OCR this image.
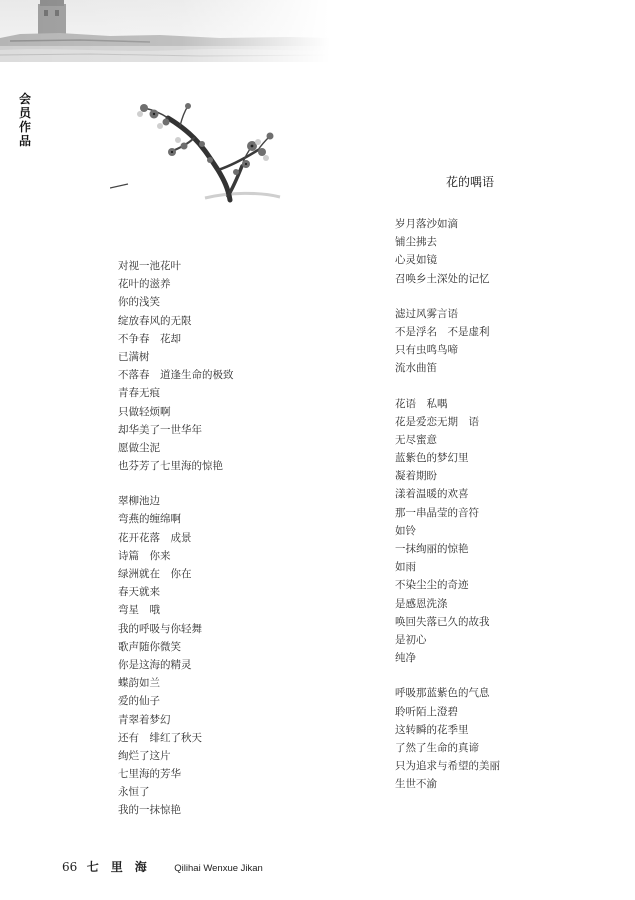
会员作品
花的喁语
对视一池花叶
花叶的滋养
你的浅笑
绽放春风的无限
不争春　花却
已满树
不落春　道逢生命的极致
青春无痕
只做轻烦啊
却华美了一世华年
愿做尘泥
也芬芳了七里海的惊艳
翠柳池边
弯燕的缠绵啊
花开花落　成景
诗篇　你来
绿洲就在　你在
春天就来
弯星　哦
我的呼吸与你轻舞
歌声随你微笑
你是这海的精灵
蝶韵如兰
爱的仙子
青翠着梦幻
还有　绯红了秋天
绚烂了这片
七里海的芳华
永恒了
我的一抹惊艳
岁月落沙如滴
铺尘拂去
心灵如镜
召唤乡土深处的记忆
滤过风雾言语
不是浮名　不是虚利
只有虫鸣鸟啼
流水曲笛
花语　私喁
花是爱恋无期　语
无尽蜜意
蓝紫色的梦幻里
凝着期盼
漾着温暖的欢喜
那一串晶莹的音符
如铃
一抹绚丽的惊艳
如雨
不染尘尘的奇迹
是感恩洗涤
唤回失落已久的故我
是初心
纯净
呼吸那蓝紫色的气息
聆听陌上澄碧
这转瞬的花季里
了然了生命的真谛
只为追求与希望的美丽
生世不渝
66 七里海 Qilihai Wenxue Jikan
